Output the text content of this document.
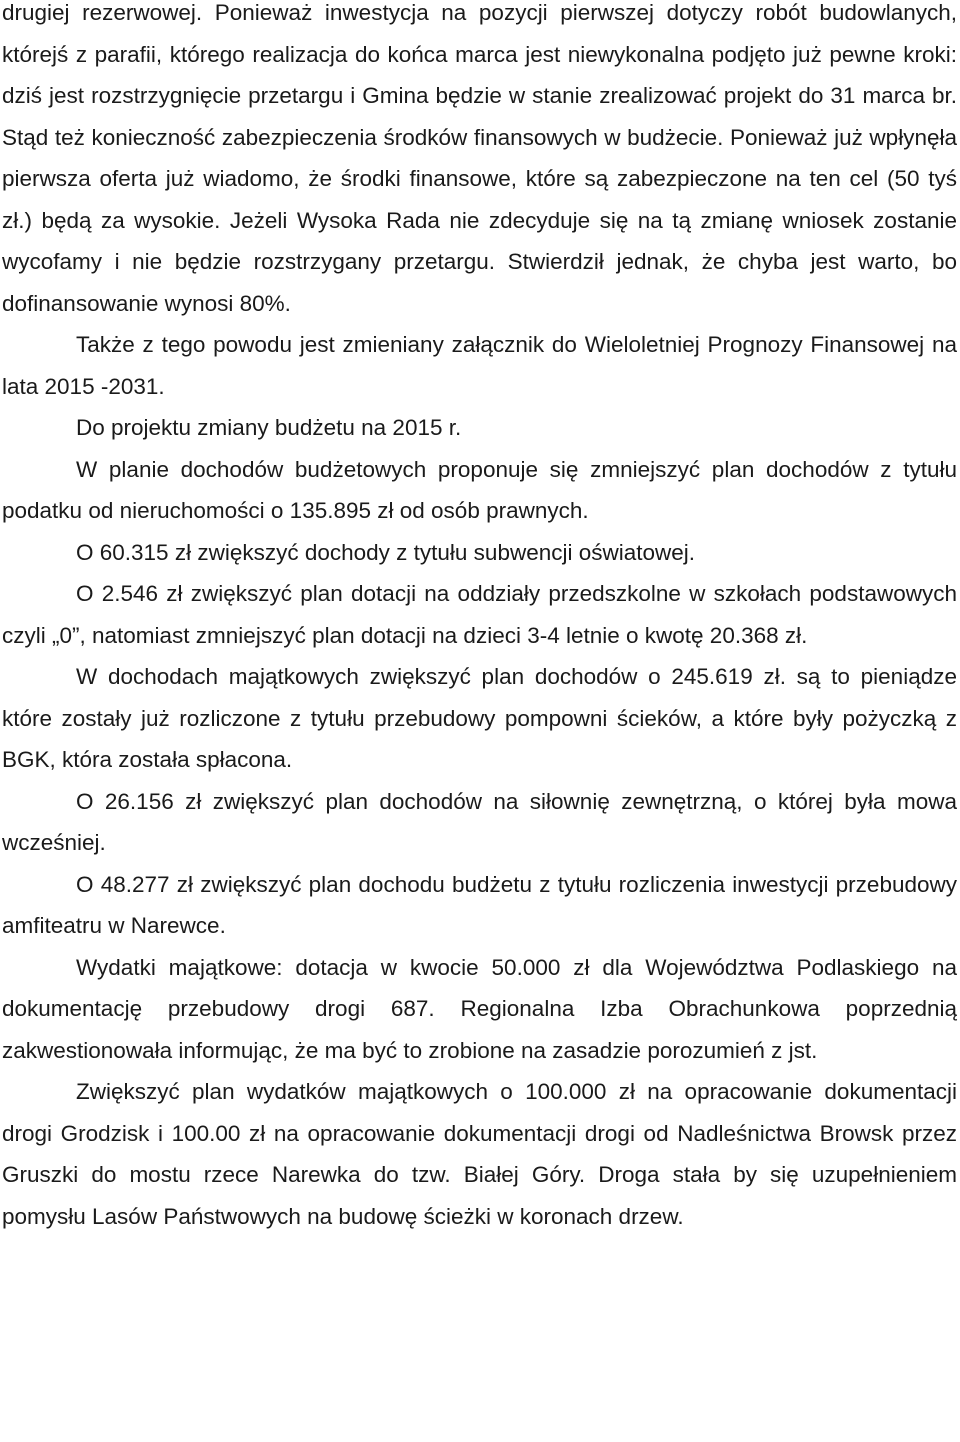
drugiej rezerwowej. Ponieważ inwestycja na pozycji pierwszej dotyczy robót budowlanych, którejś z parafii, którego realizacja do końca marca jest niewykonalna podjęto już pewne kroki: dziś jest rozstrzygnięcie przetargu i Gmina będzie w stanie zrealizować projekt do 31 marca br. Stąd też konieczność zabezpieczenia środków finansowych w budżecie. Ponieważ już wpłynęła pierwsza oferta już wiadomo, że środki finansowe, które są zabezpieczone na ten cel (50 tyś zł.) będą za wysokie. Jeżeli Wysoka Rada nie zdecyduje się na tą zmianę wniosek zostanie wycofamy i nie będzie rozstrzygany przetargu. Stwierdził jednak, że chyba jest warto, bo dofinansowanie wynosi 80%.

Także z tego powodu jest zmieniany załącznik do Wieloletniej Prognozy Finansowej na lata 2015 -2031.

Do projektu zmiany budżetu na 2015 r.

W planie dochodów budżetowych proponuje się zmniejszyć plan dochodów z tytułu podatku od nieruchomości o 135.895 zł od osób prawnych.

O 60.315 zł zwiększyć dochody z tytułu subwencji oświatowej.

O 2.546 zł zwiększyć plan dotacji na oddziały przedszkolne w szkołach podstawowych czyli „0”, natomiast zmniejszyć plan dotacji na dzieci 3-4 letnie o kwotę 20.368 zł.

W dochodach majątkowych zwiększyć plan dochodów o 245.619 zł. są to pieniądze które zostały już rozliczone z tytułu przebudowy pompowni ścieków, a które były pożyczką z BGK, która została spłacona.

O 26.156 zł zwiększyć plan dochodów na siłownię zewnętrzną, o której była mowa wcześniej.

O 48.277 zł zwiększyć plan dochodu budżetu z tytułu rozliczenia inwestycji przebudowy amfiteatru w Narewce.

Wydatki majątkowe: dotacja w kwocie 50.000 zł dla Województwa Podlaskiego na dokumentację przebudowy drogi 687. Regionalna Izba Obrachunkowa poprzednią zakwestionowała informując, że ma być to zrobione na zasadzie porozumień z jst.

Zwiększyć plan wydatków majątkowych o 100.000 zł na opracowanie dokumentacji drogi Grodzisk i 100.00 zł na opracowanie dokumentacji drogi od Nadleśnictwa Browsk przez Gruszki do mostu rzece Narewka do tzw. Białej Góry. Droga stała by się uzupełnieniem pomysłu Lasów Państwowych na budowę ścieżki w koronach drzew.
